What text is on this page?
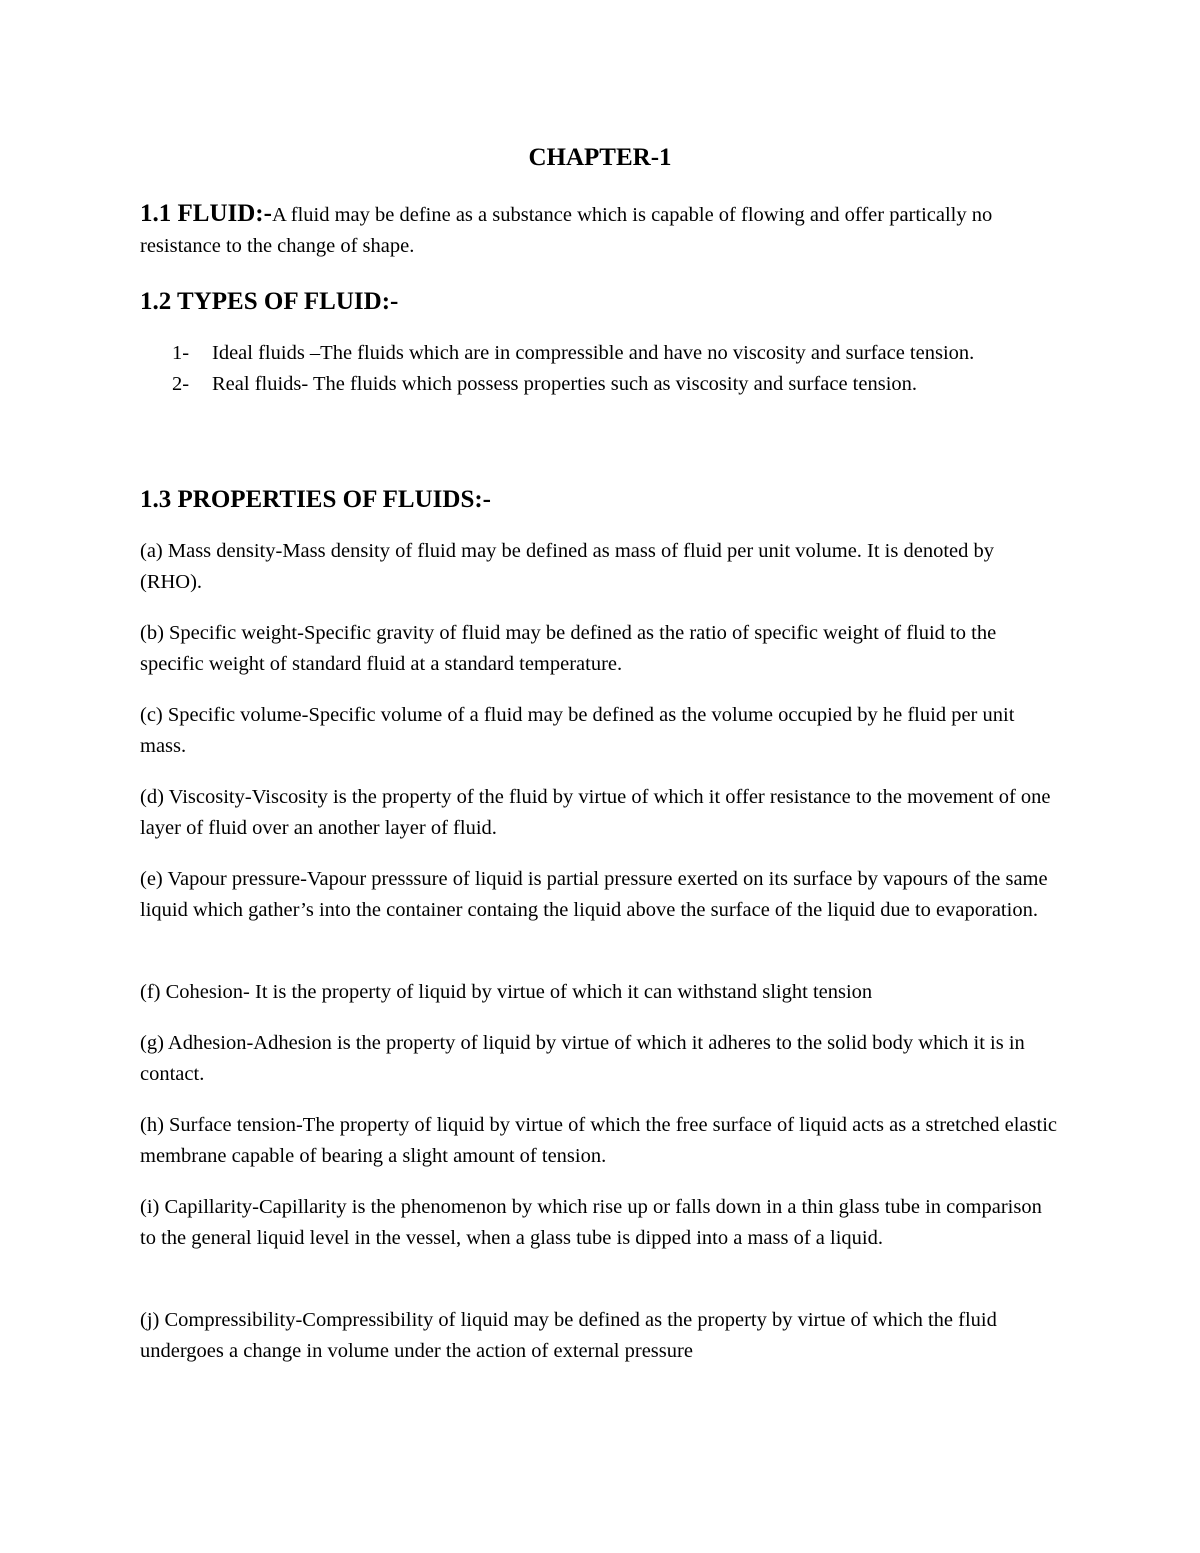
CHAPTER-1

1.1 FLUID:-A fluid may be define as a substance which is capable of flowing and offer partically no resistance to the change of shape.

1.2 TYPES OF FLUID:-
1- Ideal fluids –The fluids which are in compressible and have no viscosity and surface tension.
2- Real fluids- The fluids which possess properties such as viscosity and surface tension.
1.3 PROPERTIES OF FLUIDS:-

(a) Mass density-Mass density of fluid may be defined as mass of fluid per unit volume. It is denoted by (RHO).

(b) Specific weight-Specific gravity of fluid may be defined as the ratio of specific weight of fluid to the specific weight of standard fluid at a standard temperature.

(c) Specific volume-Specific volume of a fluid may be defined as the volume occupied by he fluid per unit mass.

(d) Viscosity-Viscosity is the property of the fluid by virtue of which it offer resistance to the movement of one layer of fluid over an another layer of fluid.

(e) Vapour pressure-Vapour presssure of liquid is partial pressure exerted on its surface by vapours of the same liquid which gather’s into the container containg the liquid above the surface of the liquid due to evaporation.

(f) Cohesion- It is the property of liquid by virtue of which it can withstand slight tension

(g) Adhesion-Adhesion is the property of liquid by virtue of which it adheres to the solid body which it is in contact.

(h) Surface tension-The property of liquid by virtue of which the free surface of liquid acts as a stretched elastic membrane capable of bearing a slight amount of tension.

(i) Capillarity-Capillarity is the phenomenon by which rise up or falls down in a thin glass tube in comparison to the general liquid level in the vessel, when a glass tube is dipped into a mass of a liquid.

(j) Compressibility-Compressibility of liquid may be defined as the property by virtue of which the fluid undergoes a change in volume under the action of external pressure
